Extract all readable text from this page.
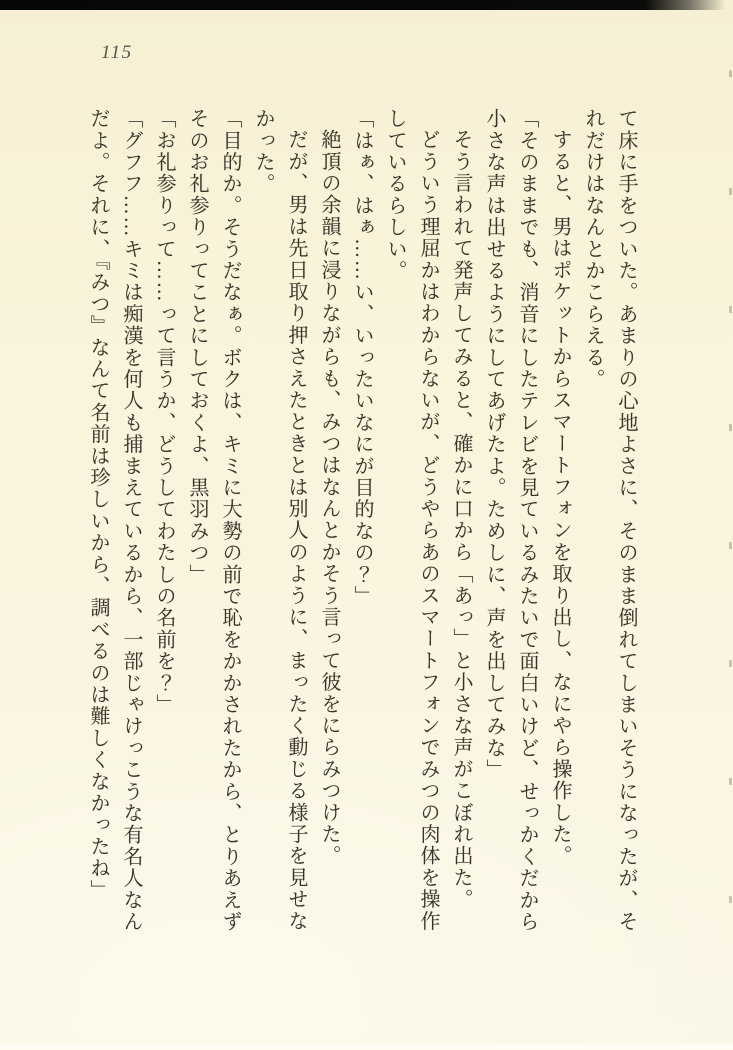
115

て床に手をついた。あまりの心地よさに、そのまま倒れてしまいそうになったが、それだけはなんとかこらえる。

すると、男はポケットからスマートフォンを取り出し、なにやら操作した。

「そのままでも、消音にしたテレビを見ているみたいで面白いけど、せっかくだから小さな声は出せるようにしてあげたよ。ためしに、声を出してみな」

そう言われて発声してみると、確かに口から「あっ」と小さな声がこぼれ出た。

どういう理屈かはわからないが、どうやらあのスマートフォンでみつの肉体を操作しているらしい。

「はぁ、はぁ……い、いったいなにが目的なの？」

絶頂の余韻に浸りながらも、みつはなんとかそう言って彼をにらみつけた。

だが、男は先日取り押さえたときとは別人のように、まったく動じる様子を見せなかった。

「目的か。そうだなぁ。ボクは、キミに大勢の前で恥をかかされたから、とりあえずそのお礼参りってことにしておくよ、黒羽みつ」

「お礼参りって……って言うか、どうしてわたしの名前を？」

「グフフ……キミは痴漢を何人も捕まえているから、一部じゃけっこうな有名人なんだよ。それに、『みつ』なんて名前は珍しいから、調べるのは難しくなかったね」
